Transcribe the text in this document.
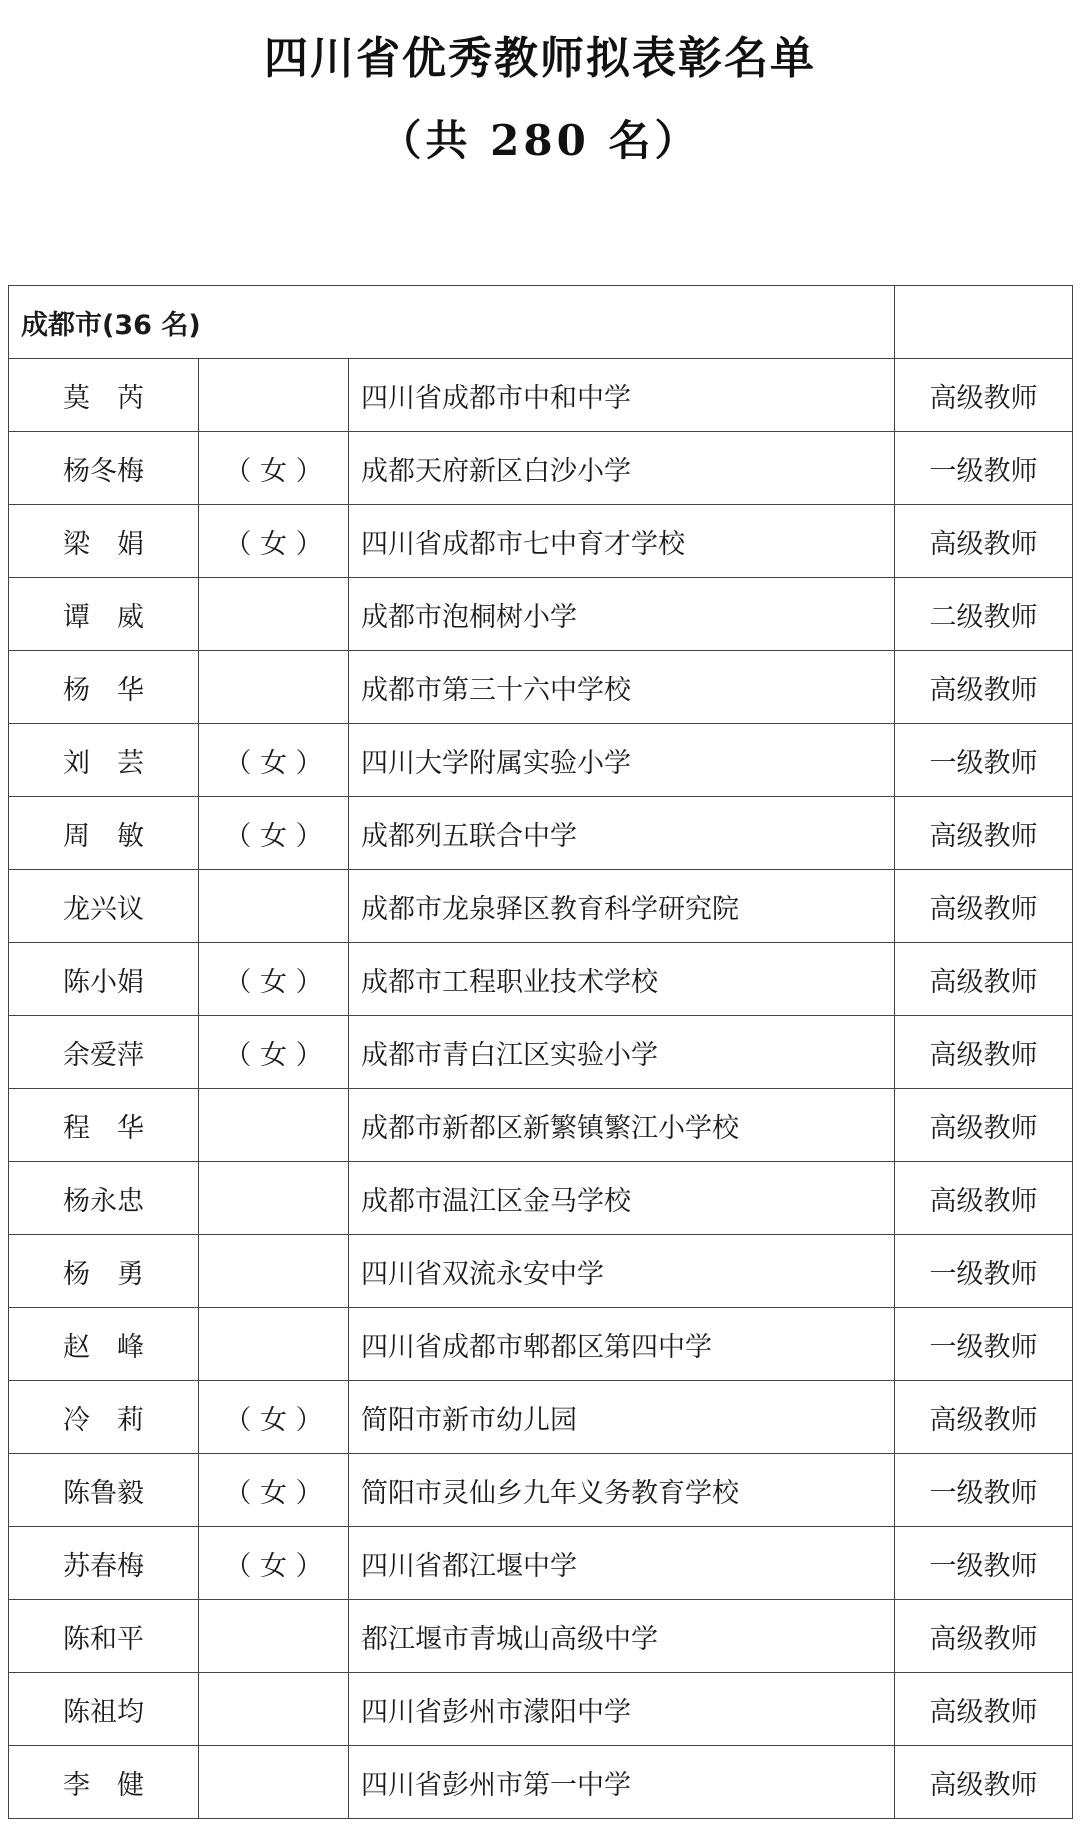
四川省优秀教师拟表彰名单
（共 280 名）
成都市(36 名)			
莫　芮		四川省成都市中和中学	高级教师
杨冬梅	（ 女 ）	成都天府新区白沙小学	一级教师
梁　娟	（ 女 ）	四川省成都市七中育才学校	高级教师
谭　威		成都市泡桐树小学	二级教师
杨　华		成都市第三十六中学校	高级教师
刘　芸	（ 女 ）	四川大学附属实验小学	一级教师
周　敏	（ 女 ）	成都列五联合中学	高级教师
龙兴议		成都市龙泉驿区教育科学研究院	高级教师
陈小娟	（ 女 ）	成都市工程职业技术学校	高级教师
余爱萍	（ 女 ）	成都市青白江区实验小学	高级教师
程　华		成都市新都区新繁镇繁江小学校	高级教师
杨永忠		成都市温江区金马学校	高级教师
杨　勇		四川省双流永安中学	一级教师
赵　峰		四川省成都市郫都区第四中学	一级教师
冷　莉	（ 女 ）	简阳市新市幼儿园	高级教师
陈鲁毅	（ 女 ）	简阳市灵仙乡九年义务教育学校	一级教师
苏春梅	（ 女 ）	四川省都江堰中学	一级教师
陈和平		都江堰市青城山高级中学	高级教师
陈祖均		四川省彭州市濛阳中学	高级教师
李　健		四川省彭州市第一中学	高级教师
